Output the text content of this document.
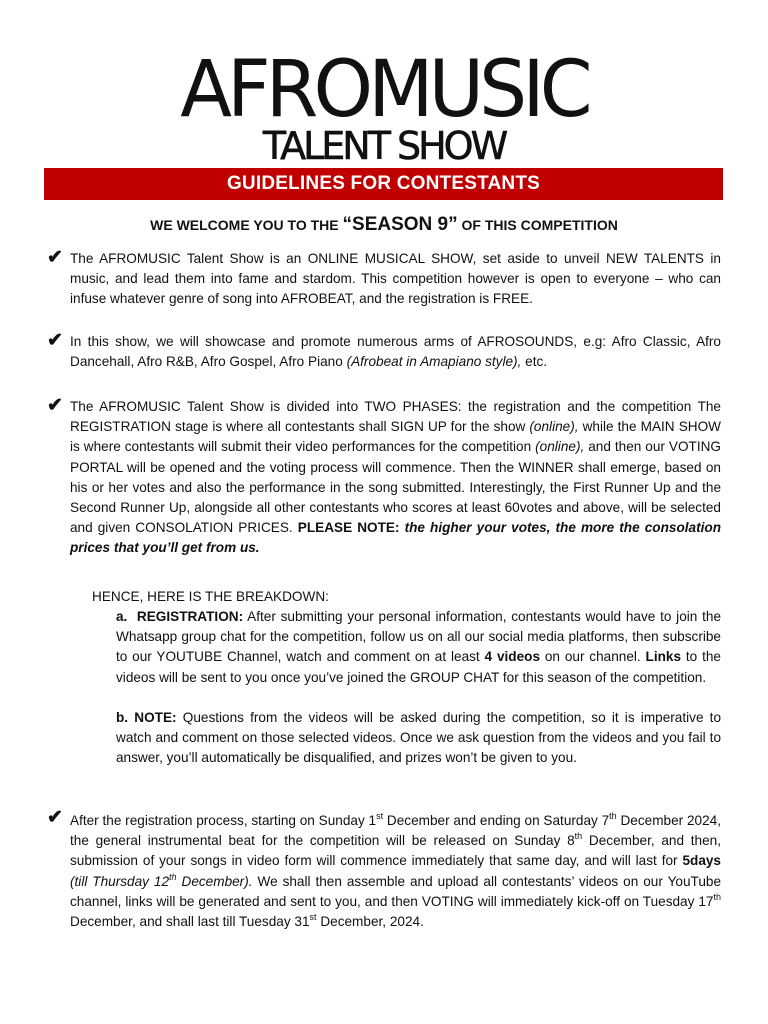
AFROMUSIC
TALENT SHOW
GUIDELINES FOR CONTESTANTS
WE WELCOME YOU TO THE “SEASON 9” OF THIS COMPETITION
✔ The AFROMUSIC Talent Show is an ONLINE MUSICAL SHOW, set aside to unveil NEW TALENTS in music, and lead them into fame and stardom. This competition however is open to everyone – who can infuse whatever genre of song into AFROBEAT, and the registration is FREE.
✔ In this show, we will showcase and promote numerous arms of AFROSOUNDS, e.g: Afro Classic, Afro Dancehall, Afro R&B, Afro Gospel, Afro Piano (Afrobeat in Amapiano style), etc.
✔ The AFROMUSIC Talent Show is divided into TWO PHASES: the registration and the competition The REGISTRATION stage is where all contestants shall SIGN UP for the show (online), while the MAIN SHOW is where contestants will submit their video performances for the competition (online), and then our VOTING PORTAL will be opened and the voting process will commence. Then the WINNER shall emerge, based on his or her votes and also the performance in the song submitted. Interestingly, the First Runner Up and the Second Runner Up, alongside all other contestants who scores at least 60votes and above, will be selected and given CONSOLATION PRICES. PLEASE NOTE: the higher your votes, the more the consolation prices that you’ll get from us.
HENCE, HERE IS THE BREAKDOWN:
a. REGISTRATION: After submitting your personal information, contestants would have to join the Whatsapp group chat for the competition, follow us on all our social media platforms, then subscribe to our YOUTUBE Channel, watch and comment on at least 4 videos on our channel. Links to the videos will be sent to you once you’ve joined the GROUP CHAT for this season of the competition.
b. NOTE: Questions from the videos will be asked during the competition, so it is imperative to watch and comment on those selected videos. Once we ask question from the videos and you fail to answer, you’ll automatically be disqualified, and prizes won’t be given to you.
✔ After the registration process, starting on Sunday 1st December and ending on Saturday 7th December 2024, the general instrumental beat for the competition will be released on Sunday 8th December, and then, submission of your songs in video form will commence immediately that same day, and will last for 5days (till Thursday 12th December). We shall then assemble and upload all contestants’ videos on our YouTube channel, links will be generated and sent to you, and then VOTING will immediately kick-off on Tuesday 17th December, and shall last till Tuesday 31st December, 2024.
